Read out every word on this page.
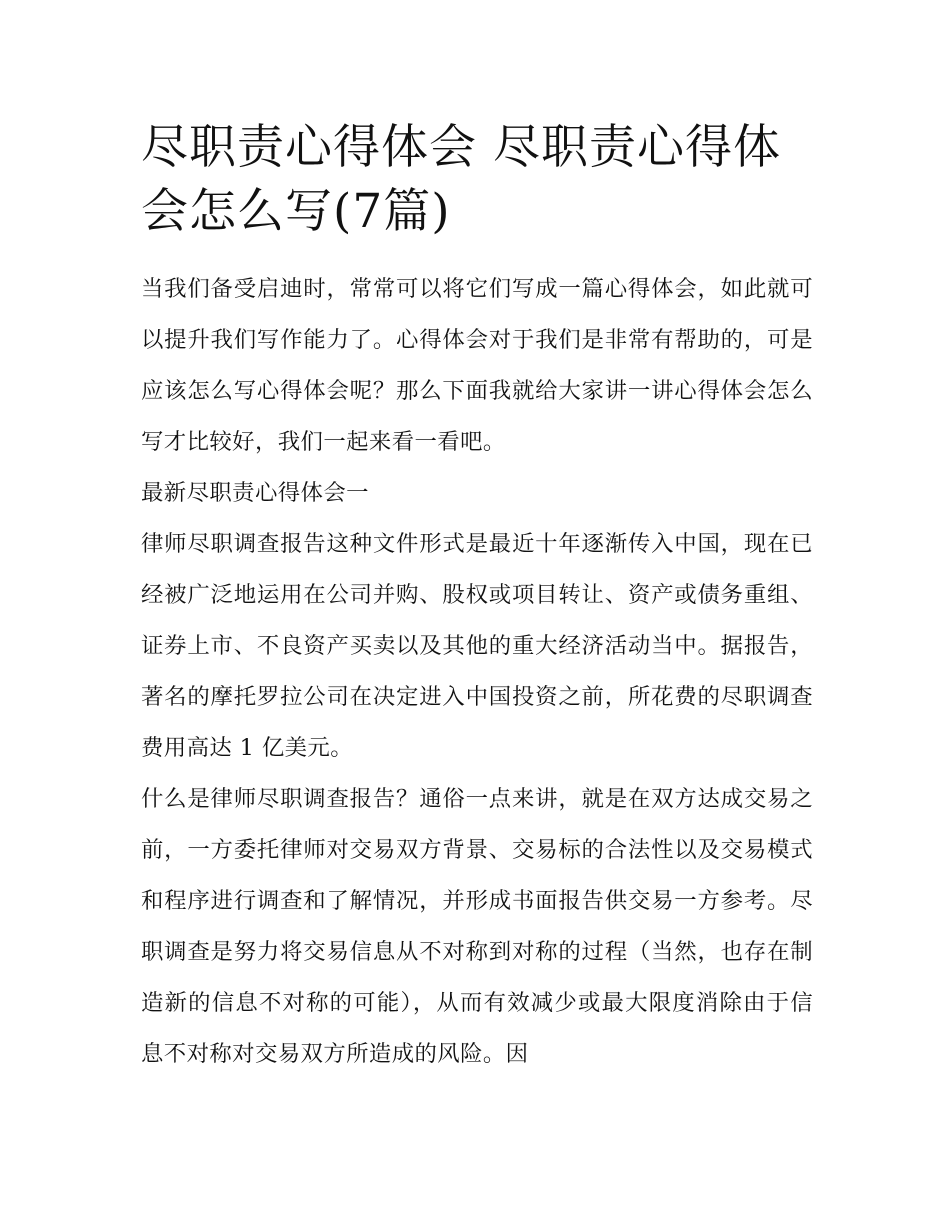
尽职责心得体会 尽职责心得体会怎么写(7篇)

当我们备受启迪时，常常可以将它们写成一篇心得体会，如此就可以提升我们写作能力了。心得体会对于我们是非常有帮助的，可是应该怎么写心得体会呢？那么下面我就给大家讲一讲心得体会怎么写才比较好，我们一起来看一看吧。

最新尽职责心得体会一

律师尽职调查报告这种文件形式是最近十年逐渐传入中国，现在已经被广泛地运用在公司并购、股权或项目转让、资产或债务重组、证券上市、不良资产买卖以及其他的重大经济活动当中。据报告，著名的摩托罗拉公司在决定进入中国投资之前，所花费的尽职调查费用高达 1 亿美元。

什么是律师尽职调查报告？通俗一点来讲，就是在双方达成交易之前，一方委托律师对交易双方背景、交易标的合法性以及交易模式和程序进行调查和了解情况，并形成书面报告供交易一方参考。尽职调查是努力将交易信息从不对称到对称的过程（当然，也存在制造新的信息不对称的可能），从而有效减少或最大限度消除由于信息不对称对交易双方所造成的风险。因
